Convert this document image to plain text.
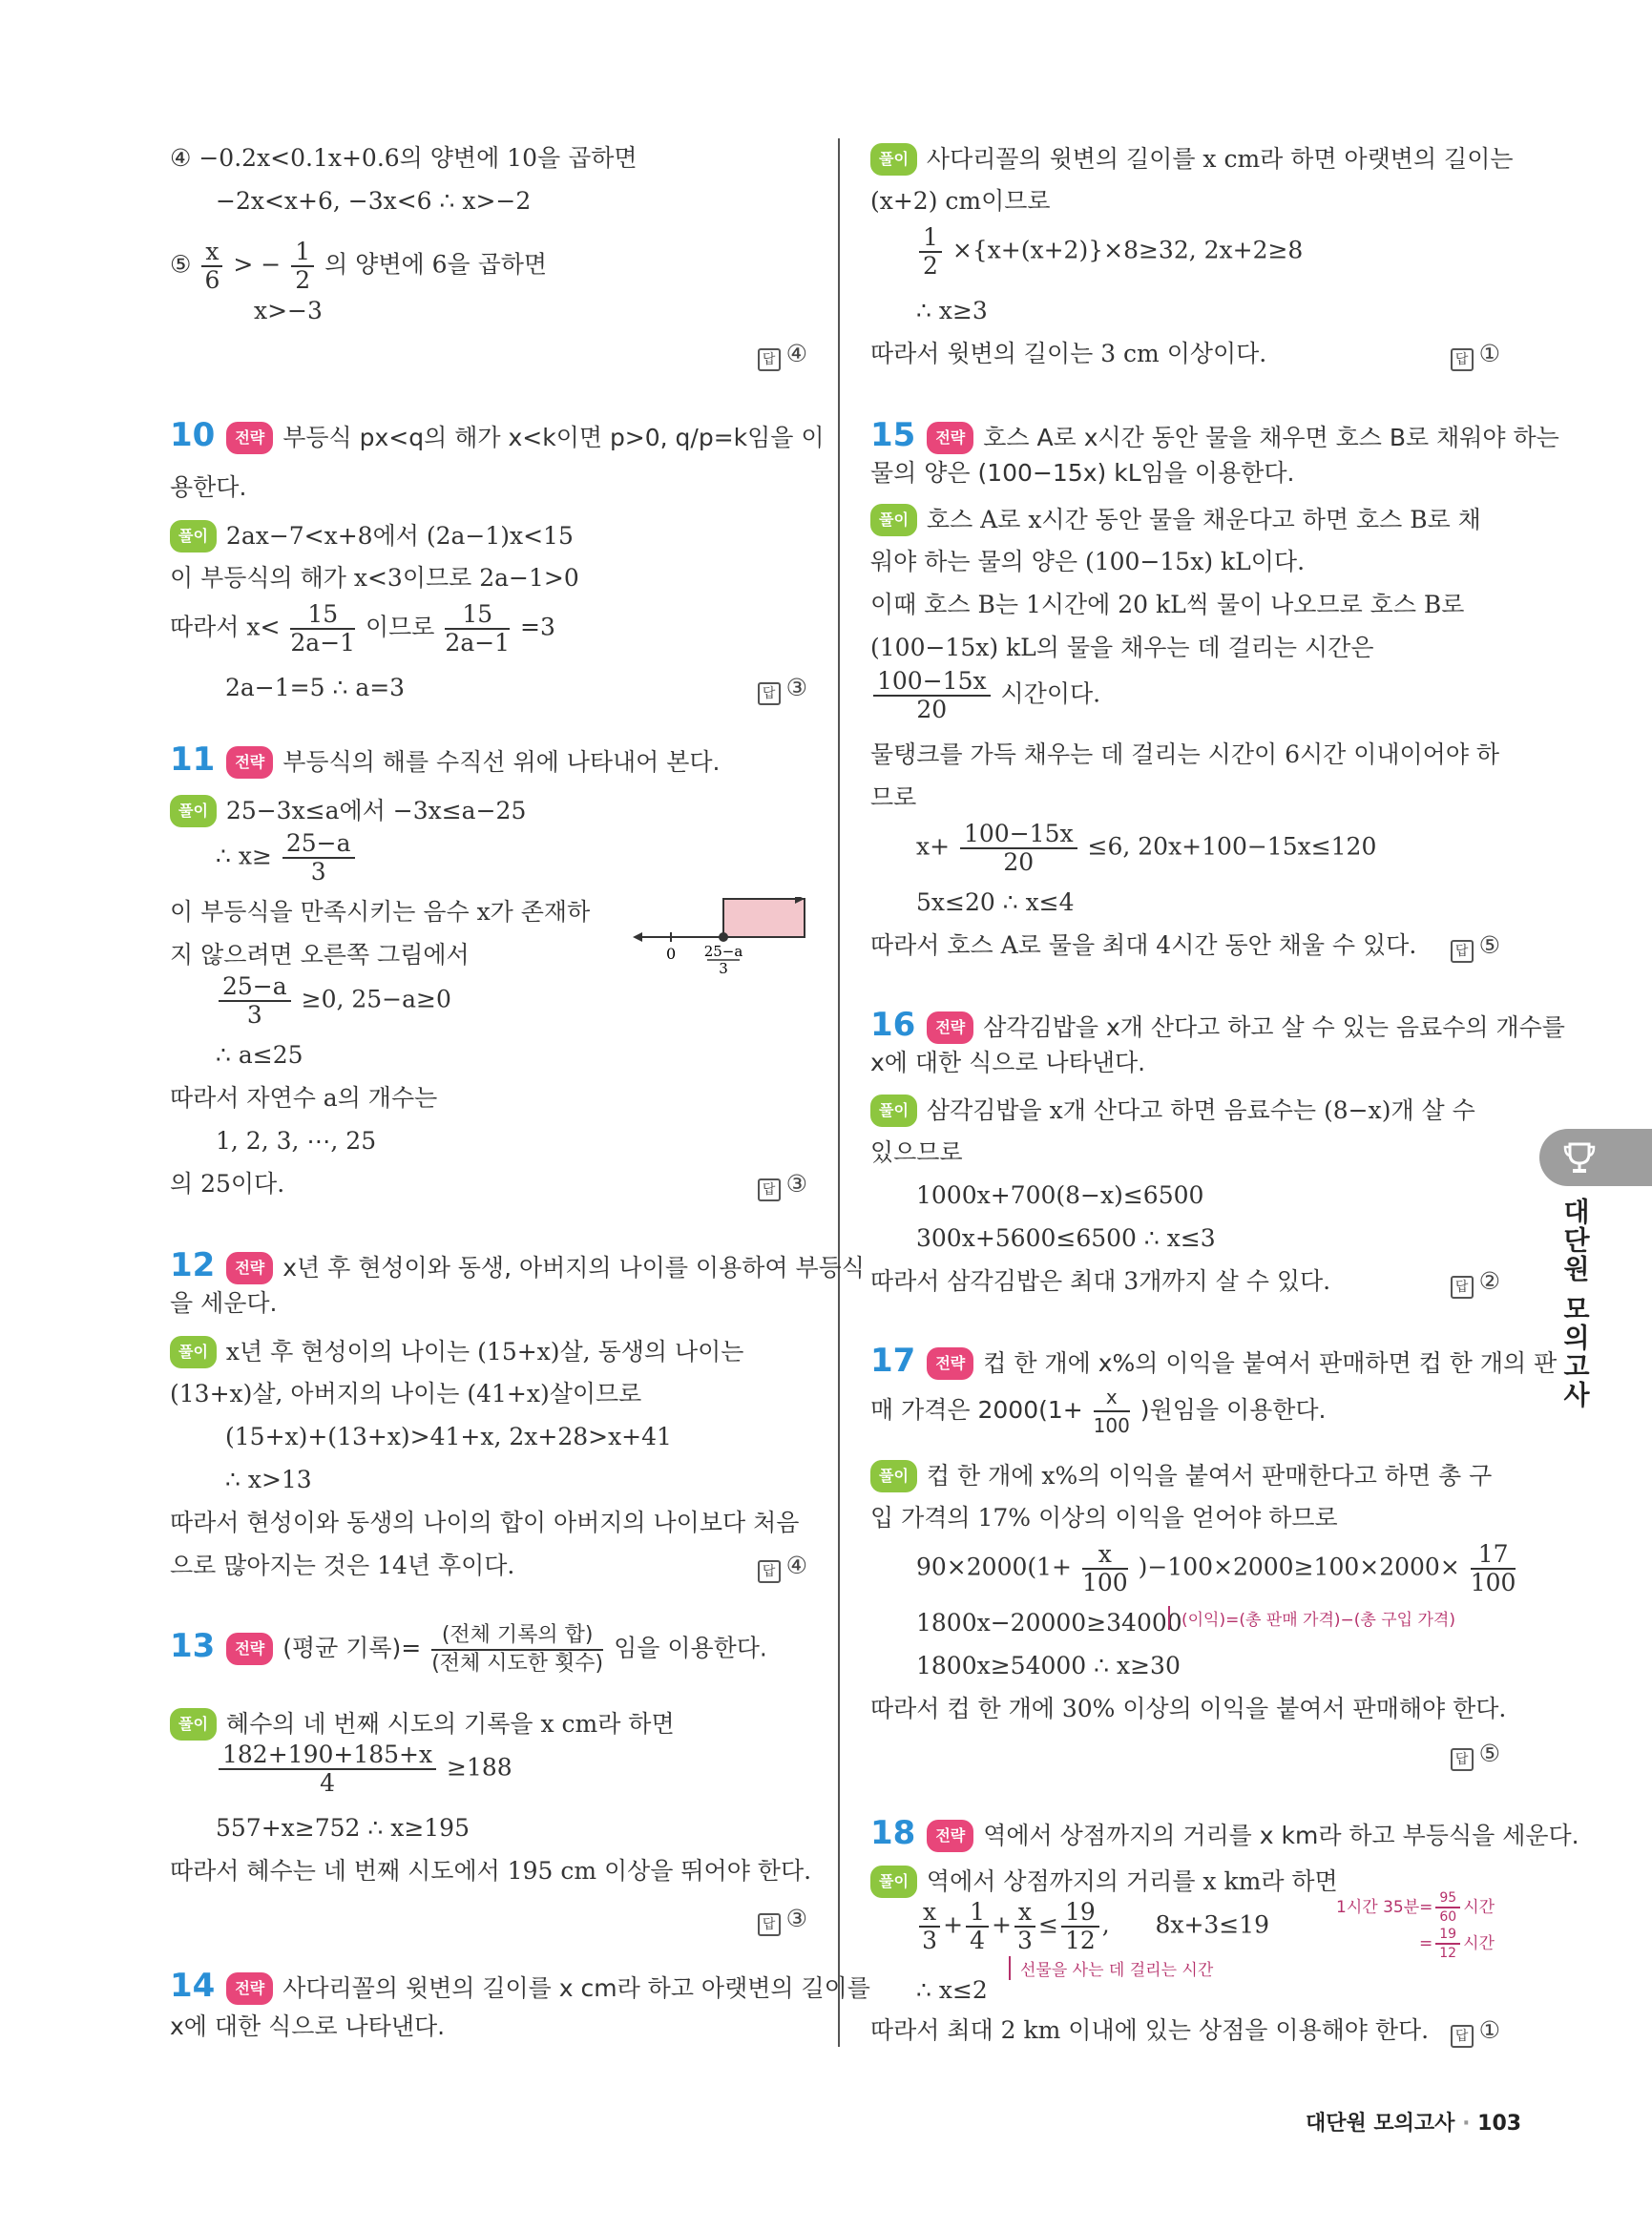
④ −0.2x<0.1x+0.6의 양변에 10을 곱하면
−2x<x+6, −3x<6 ∴ x>−2
⑤ $\frac{x}{6}$ > − $\frac{1}{2}$ 의 양변에 6을 곱하면
x>−3
답 ④
10 전략 부등식 px<q의 해가 x<k이면 p>0, q/p=k임을 이
용한다.
풀이 2ax−7<x+8에서 (2a−1)x<15
이 부등식의 해가 x<3이므로 2a−1>0
따라서 $x< \frac{15}{2a-1}$ 이므로 $\frac{15}{2a-1} =3$
2a−1=5 ∴ a=3	답 ③
11 전략 부등식의 해를 수직선 위에 나타내어 본다.
풀이 25−3x≤a에서 −3x≤a−25
∴ $x\ge \frac{25-a}{3}$
이 부등식을 만족시키는 음수 x가 존재하
지 않으려면 오른쪽 그림에서	0 25−a
3
$\frac{25-a}{3} \ge 0$, 25−a≥0
∴ a≤25
따라서 자연수 a의 개수는
1, 2, 3, ⋯, 25
의 25이다.	답 ③
12 전략 x년 후 현성이와 동생, 아버지의 나이를 이용하여 부등식
을 세운다.
풀이 x년 후 현성이의 나이는 (15+x)살, 동생의 나이는
(13+x)살, 아버지의 나이는 (41+x)살이므로
(15+x)+(13+x)>41+x, 2x+28>x+41
∴ x>13
따라서 현성이와 동생의 나이의 합이 아버지의 나이보다 처음
으로 많아지는 것은 14년 후이다.	답 ④
13 전략 (평균 기록)= (전체 기록의 합)
(전체 시도한 횟수)
임을 이용한다.
풀이 혜수의 네 번째 시도의 기록을 x cm라 하면
$\frac{182+190+185+x}{4} \ge 188$
557+x≥752 ∴ x≥195
따라서 혜수는 네 번째 시도에서 195 cm 이상을 뛰어야 한다.
답 ③
14 전략 사다리꼴의 윗변의 길이를 x cm라 하고 아랫변의 길이를
x에 대한 식으로 나타낸다.
풀이 사다리꼴의 윗변의 길이를 x cm라 하면 아랫변의 길이는
(x+2) cm이므로
$\frac{1}{2} \times\{x+(x+2)\}\times 8\ge 32$, 2x+2≥8
∴ x≥3
따라서 윗변의 길이는 3 cm 이상이다.	답 ①
15 전략 호스 A로 x시간 동안 물을 채우면 호스 B로 채워야 하는
물의 양은 (100−15x) kL임을 이용한다.
풀이 호스 A로 x시간 동안 물을 채운다고 하면 호스 B로 채
워야 하는 물의 양은 (100−15x) kL이다.
이때 호스 B는 1시간에 20 kL씩 물이 나오므로 호스 B로
(100−15x) kL의 물을 채우는 데 걸리는 시간은
$\frac{100-15x}{20}$ 시간이다.
물탱크를 가득 채우는 데 걸리는 시간이 6시간 이내이어야 하
므로
$x+ \frac{100-15x}{20} \le 6$, 20x+100−15x≤120
5x≤20 ∴ x≤4
따라서 호스 A로 물을 최대 4시간 동안 채울 수 있다.	답 ⑤
16 전략 삼각김밥을 x개 산다고 하고 살 수 있는 음료수의 개수를
x에 대한 식으로 나타낸다.
풀이 삼각김밥을 x개 산다고 하면 음료수는 (8−x)개 살 수
있으므로
1000x+700(8−x)≤6500
300x+5600≤6500 ∴ x≤3
따라서 삼각김밥은 최대 3개까지 살 수 있다.	답 ②
17 전략 컵 한 개에 x%의 이익을 붙여서 판매하면 컵 한 개의 판
매 가격은 $2000(1+ \frac{x}{100}$ )원임을 이용한다.
풀이 컵 한 개에 x%의 이익을 붙여서 판매한다고 하면 총 구
입 가격의 17% 이상의 이익을 얻어야 하므로
$90\times 2000(1+ \frac{x}{100} )-100\times 2000\ge 100\times 2000\times \frac{17}{100}$
1800x−20000≥34000 (이익)=(총 판매 가격)−(총 구입 가격)
1800x≥54000 ∴ x≥30
따라서 컵 한 개에 30% 이상의 이익을 붙여서 판매해야 한다.
답 ⑤
18 전략 역에서 상점까지의 거리를 x km라 하고 부등식을 세운다.
풀이 역에서 상점까지의 거리를 x km라 하면
$\frac{x}{3} + \frac{1}{4} + \frac{x}{3} \le \frac{19}{12}$ ,      8x+3≤19
1시간 35분= $\frac{95}{60}$ 시간
= $\frac{19}{12}$ 시간
선물을 사는 데 걸리는 시간
∴ x≤2
따라서 최대 2 km 이내에 있는 상점을 이용해야 한다.	답 ①
대단원 모의고사
대단원 모의고사 · 103
